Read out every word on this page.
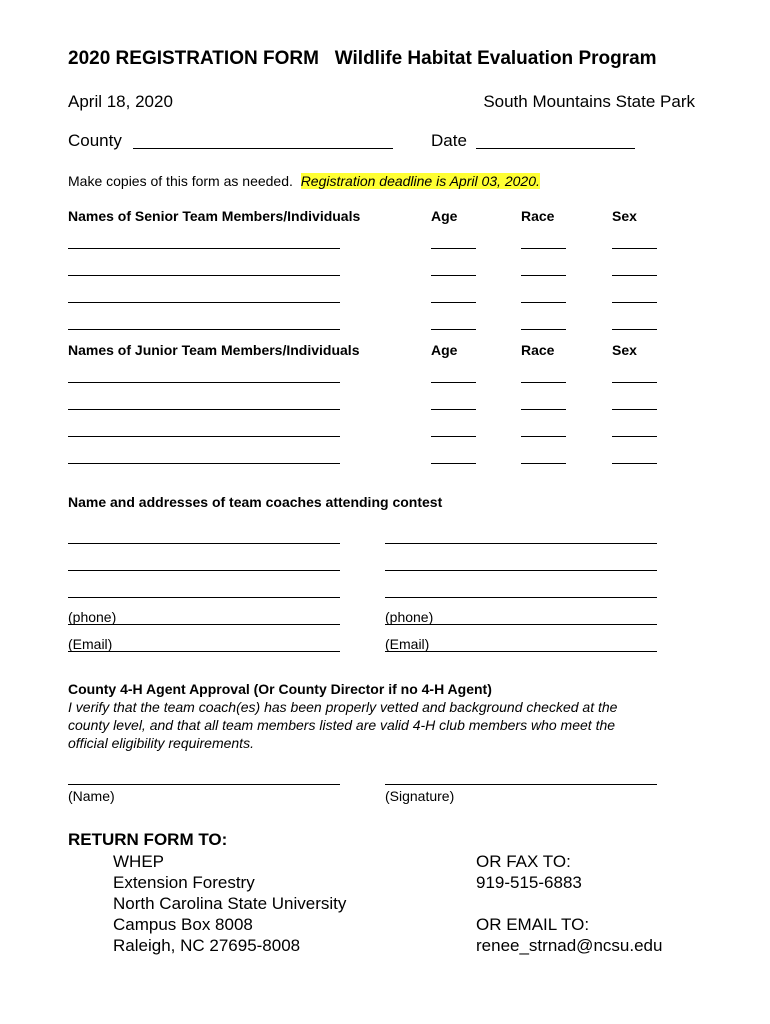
2020 REGISTRATION FORM Wildlife Habitat Evaluation Program
April 18, 2020	South Mountains State Park
County	Date
Make copies of this form as needed. Registration deadline is April 03, 2020.
Names of Senior Team Members/Individuals	Age	Race	Sex
Names of Junior Team Members/Individuals	Age	Race	Sex
Name and addresses of team coaches attending contest
(phone)	(phone)
(Email)	(Email)
County 4-H Agent Approval (Or County Director if no 4-H Agent)
I verify that the team coach(es) has been properly vetted and background checked at the
county level, and that all team members listed are valid 4-H club members who meet the
official eligibility requirements.
(Name)	(Signature)
RETURN FORM TO:
WHEP
Extension Forestry
North Carolina State University
Campus Box 8008
Raleigh, NC 27695-8008
OR FAX TO:
919-515-6883
OR EMAIL TO:
renee_strnad@ncsu.edu
